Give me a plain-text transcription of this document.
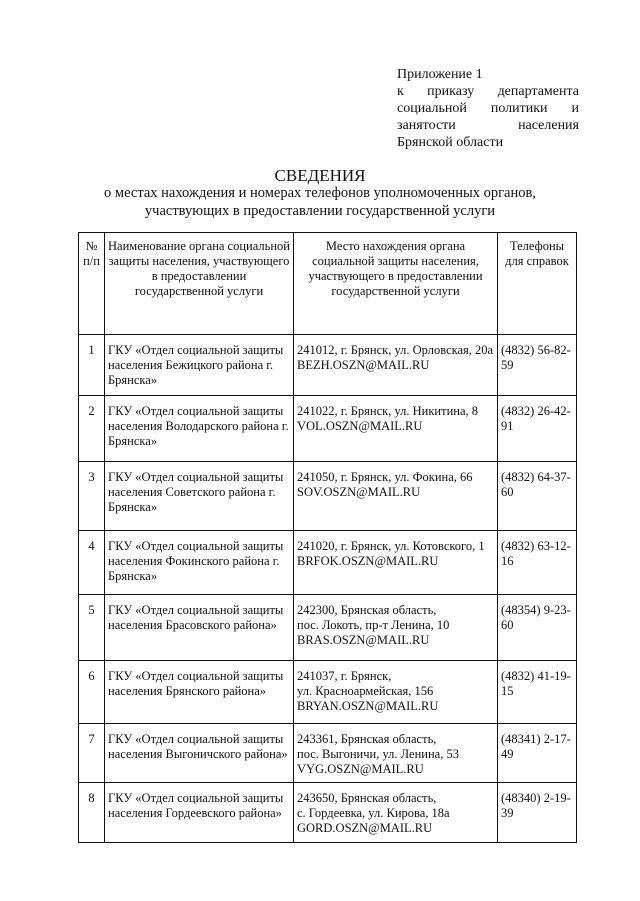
Приложение 1
к приказу департамента
социальной политики и
занятости	населения
Брянской области
СВЕДЕНИЯ
о местах нахождения и номерах телефонов уполномоченных органов,
участвующих в предоставлении государственной услуги
№
п/п	Наименование органа социальной защиты населения, участвующего в предоставлении государственной услуги	Место нахождения органа социальной защиты населения, участвующего в предоставлении государственной услуги	Телефоны
для справок

1	ГКУ «Отдел социальной защиты населения Бежицкого района г. Брянска»	241012, г. Брянск, ул. Орловская, 20а
BEZH.OSZN@MAIL.RU	(4832) 56-82-59
2	ГКУ «Отдел социальной защиты населения Володарского района г. Брянска»	241022, г. Брянск, ул. Никитина, 8
VOL.OSZN@MAIL.RU	(4832) 26-42-91
3	ГКУ «Отдел социальной защиты населения Советского района г. Брянска»	241050, г. Брянск, ул. Фокина, 66
SOV.OSZN@MAIL.RU	(4832) 64-37-60
4	ГКУ «Отдел социальной защиты населения Фокинского района г. Брянска»	241020, г. Брянск, ул. Котовского, 1
BRFOK.OSZN@MAIL.RU	(4832) 63-12-16
5	ГКУ «Отдел социальной защиты населения Брасовского района»	242300, Брянская область,
пос. Локоть, пр-т Ленина, 10
BRAS.OSZN@MAIL.RU	(48354) 9-23-60
6	ГКУ «Отдел социальной защиты населения Брянского района»	241037, г. Брянск,
ул. Красноармейская, 156
BRYAN.OSZN@MAIL.RU	(4832) 41-19-15
7	ГКУ «Отдел социальной защиты населения Выгоничского района»	243361, Брянская область,
пос. Выгоничи, ул. Ленина, 53
VYG.OSZN@MAIL.RU	(48341) 2-17-49
8	ГКУ «Отдел социальной защиты населения Гордеевского района»	243650, Брянская область,
с. Гордеевка, ул. Кирова, 18а
GORD.OSZN@MAIL.RU	(48340) 2-19-39
